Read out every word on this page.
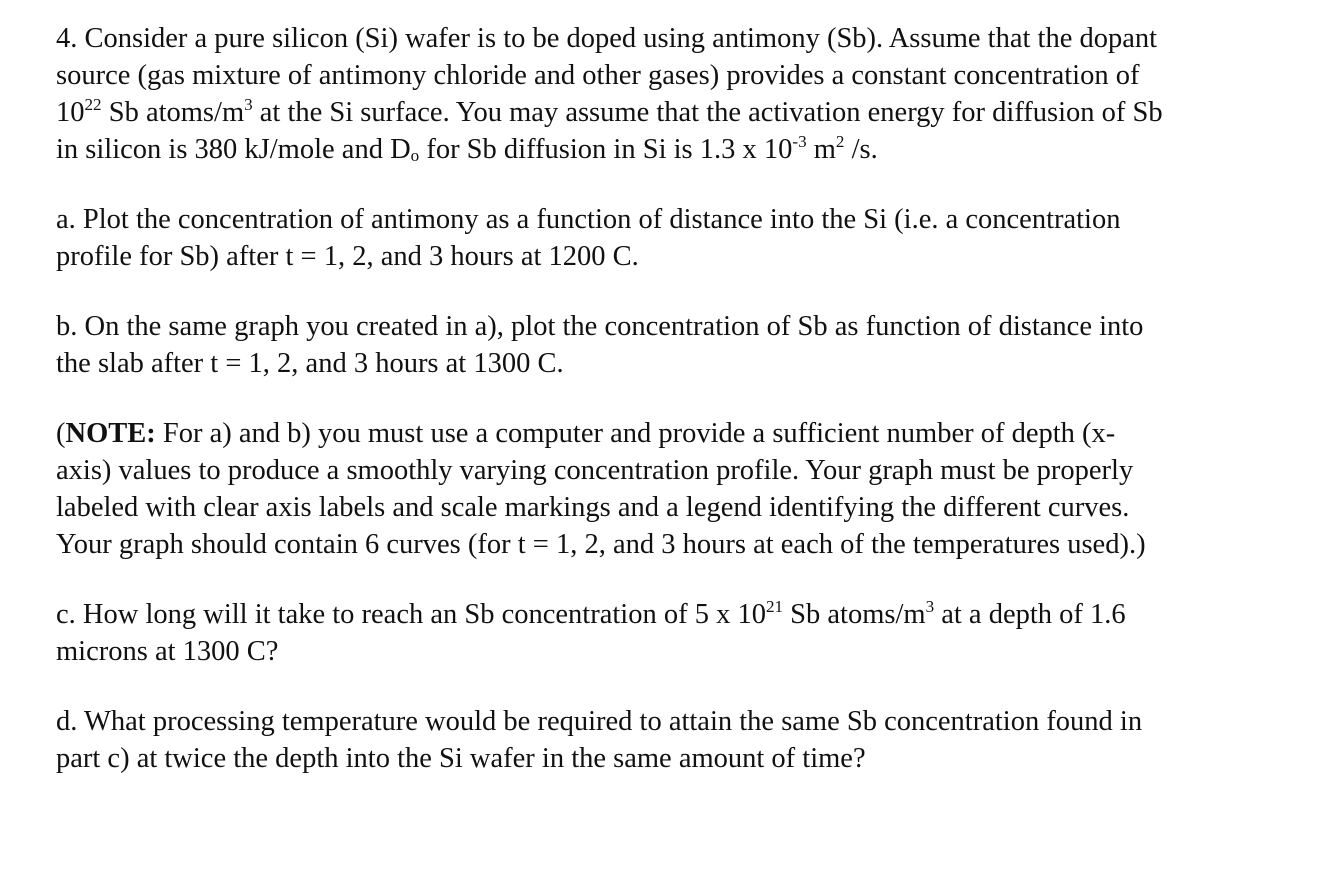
4. Consider a pure silicon (Si) wafer is to be doped using antimony (Sb). Assume that the dopant
source (gas mixture of antimony chloride and other gases) provides a constant concentration of
$10^{22}$ Sb atoms/$m^3$ at the Si surface. You may assume that the activation energy for diffusion of Sb
in silicon is 380 kJ/mole and $D_o$ for Sb diffusion in Si is 1.3 x $10^{-3}$ $m^2$ /s.

a. Plot the concentration of antimony as a function of distance into the Si (i.e. a concentration
profile for Sb) after t = 1, 2, and 3 hours at 1200 C.

b. On the same graph you created in a), plot the concentration of Sb as function of distance into
the slab after t = 1, 2, and 3 hours at 1300 C.

(NOTE: For a) and b) you must use a computer and provide a sufficient number of depth (x-
axis) values to produce a smoothly varying concentration profile. Your graph must be properly
labeled with clear axis labels and scale markings and a legend identifying the different curves.
Your graph should contain 6 curves (for t = 1, 2, and 3 hours at each of the temperatures used).)

c. How long will it take to reach an Sb concentration of 5 x $10^{21}$ Sb atoms/$m^3$ at a depth of 1.6
microns at 1300 C?

d. What processing temperature would be required to attain the same Sb concentration found in
part c) at twice the depth into the Si wafer in the same amount of time?
